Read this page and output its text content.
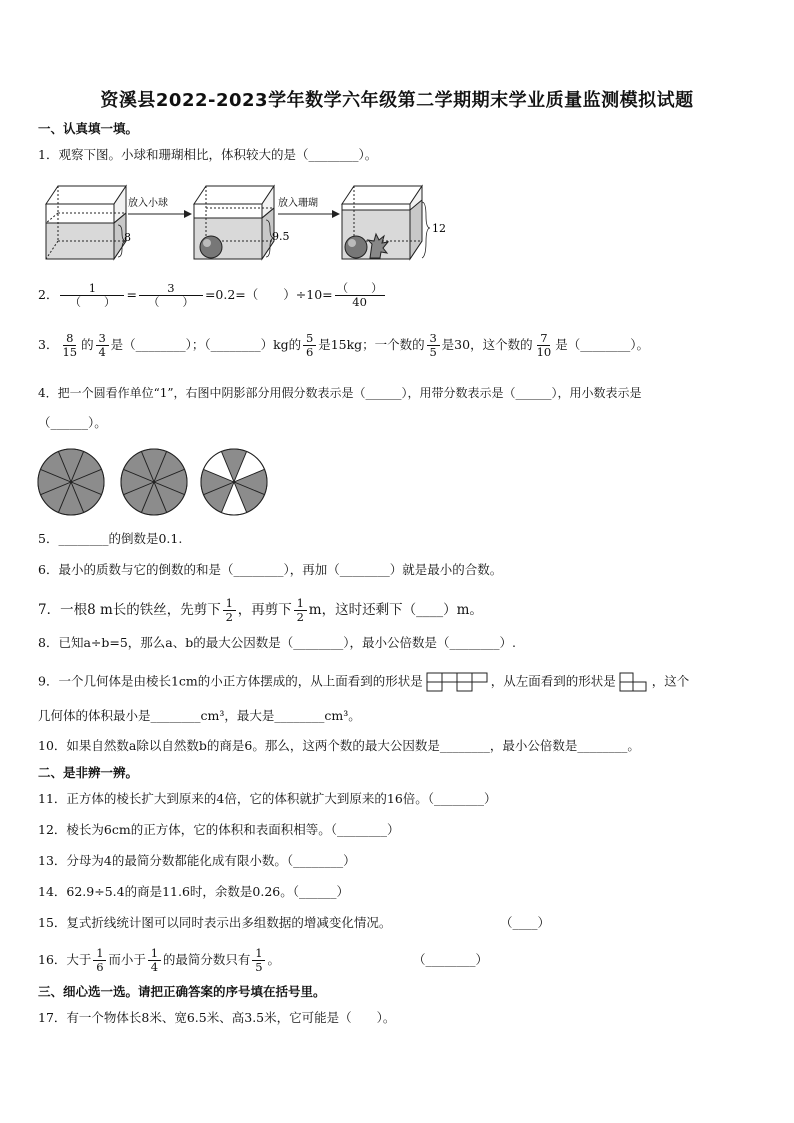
资溪县2022-2023学年数学六年级第二学期期末学业质量监测模拟试题
一、认真填一填。
1．观察下图。小球和珊瑚相比，体积较大的是（________）。
8
放入小球
9.5
放入珊瑚
12
2． $\frac{1}{( )} = \frac{3}{( )} =0.2=$（　　）$\div 10= \frac{( )}{40}$
3． $\frac{8}{15}$ 的 $\frac{3}{4}$ 是（________）；（________）kg的 $\frac{5}{6}$ 是15kg；一个数的 $\frac{3}{5}$ 是30，这个数的 $\frac{7}{10}$ 是（________）。
4．把一个圆看作单位“1”，右图中阴影部分用假分数表示是（______），用带分数表示是（______），用小数表示是
（______）。
5．________的倒数是0.1.
6．最小的质数与它的倒数的和是（________），再加（________）就是最小的合数。
7．一根8 m长的铁丝，先剪下 $\frac{1}{2}$ ，再剪下 $\frac{1}{2}$ m，这时还剩下（____）m。
8．已知a÷b=5，那么a、b的最大公因数是（________），最小公倍数是（________）.
9．一个几何体是由棱长1cm的小正方体摆成的，从上面看到的形状是	，从左面看到的形状是	，这个
几何体的体积最小是________cm³，最大是________cm³。
10．如果自然数a除以自然数b的商是6。那么，这两个数的最大公因数是________，最小公倍数是________。
二、是非辨一辨。
11．正方体的棱长扩大到原来的4倍，它的体积就扩大到原来的16倍。（________）
12．棱长为6cm的正方体，它的体积和表面积相等。（________）
13．分母为4的最简分数都能化成有限小数。（________）
14．62.9÷5.4的商是11.6时，余数是0.26。（______）
15．复式折线统计图可以同时表示出多组数据的增减变化情况。	（____）
16．大于 $\frac{1}{6}$ 而小于 $\frac{1}{4}$ 的最简分数只有 $\frac{1}{5}$ 。	（________）
三、细心选一选。请把正确答案的序号填在括号里。
17．有一个物体长8米、宽6.5米、高3.5米，它可能是（　　）。
